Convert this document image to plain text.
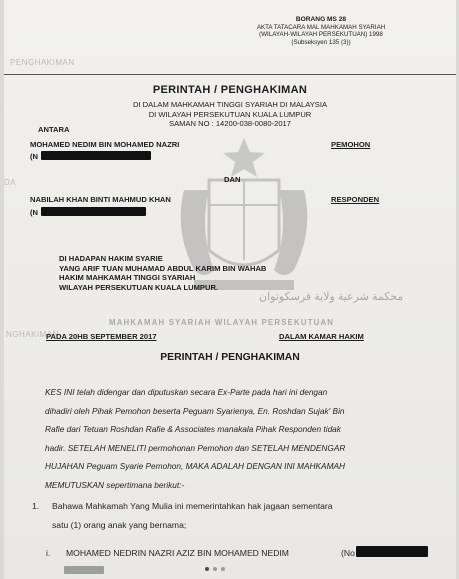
PENGHAKIMAN
DA
NGHAKIMAN
BORANG MS 28
AKTA TATACARA MAL MAHKAMAH SYARIAH
(WILAYAH-WILAYAH PERSEKUTUAN) 1998
(Subseksyen 135 (3))
PERINTAH / PENGHAKIMAN
DI DALAM MAHKAMAH TINGGI SYARIAH DI MALAYSIA
DI WILAYAH PERSEKUTUAN KUALA LUMPUR
SAMAN NO : 14200-038-0080-2017
ANTARA
MOHAMED NEDIM BIN MOHAMED NAZRI
(N
PEMOHON
DAN
NABILAH KHAN BINTI MAHMUD KHAN
(N
RESPONDEN
DI HADAPAN HAKIM SYARIE
YANG ARIF TUAN MUHAMAD ABDUL KARIM BIN WAHAB
HAKIM MAHKAMAH TINGGI SYARIAH
WILAYAH PERSEKUTUAN KUALA LUMPUR.
محكمة شرعية ولاية فرسكوتوان
MAHKAMAH SYARIAH WILAYAH PERSEKUTUAN
PADA 20HB SEPTEMBER 2017	DALAM KAMAR HAKIM
PERINTAH / PENGHAKIMAN
KES INI telah didengar dan diputuskan secara Ex-Parte pada hari ini dengan
dihadiri oleh Pihak Pemohon beserta Peguam Syarienya, En. Roshdan Sujak' Bin
Rafie dari Tetuan Roshdan Rafie & Associates manakala Pihak Responden tidak
hadir. SETELAH MENELITI permohonan Pemohon dan SETELAH MENDENGAR
HUJAHAN Peguam Syarie Pemohon, MAKA ADALAH DENGAN INI MAHKAMAH
MEMUTUSKAN sepertimana berikut:-
1. Bahawa Mahkamah Yang Mulia ini memerintahkan hak jagaan sementara
satu (1) orang anak yang bernama;
i. MOHAMED NEDRIN NAZRI AZIZ BIN MOHAMED NEDIM	(No
